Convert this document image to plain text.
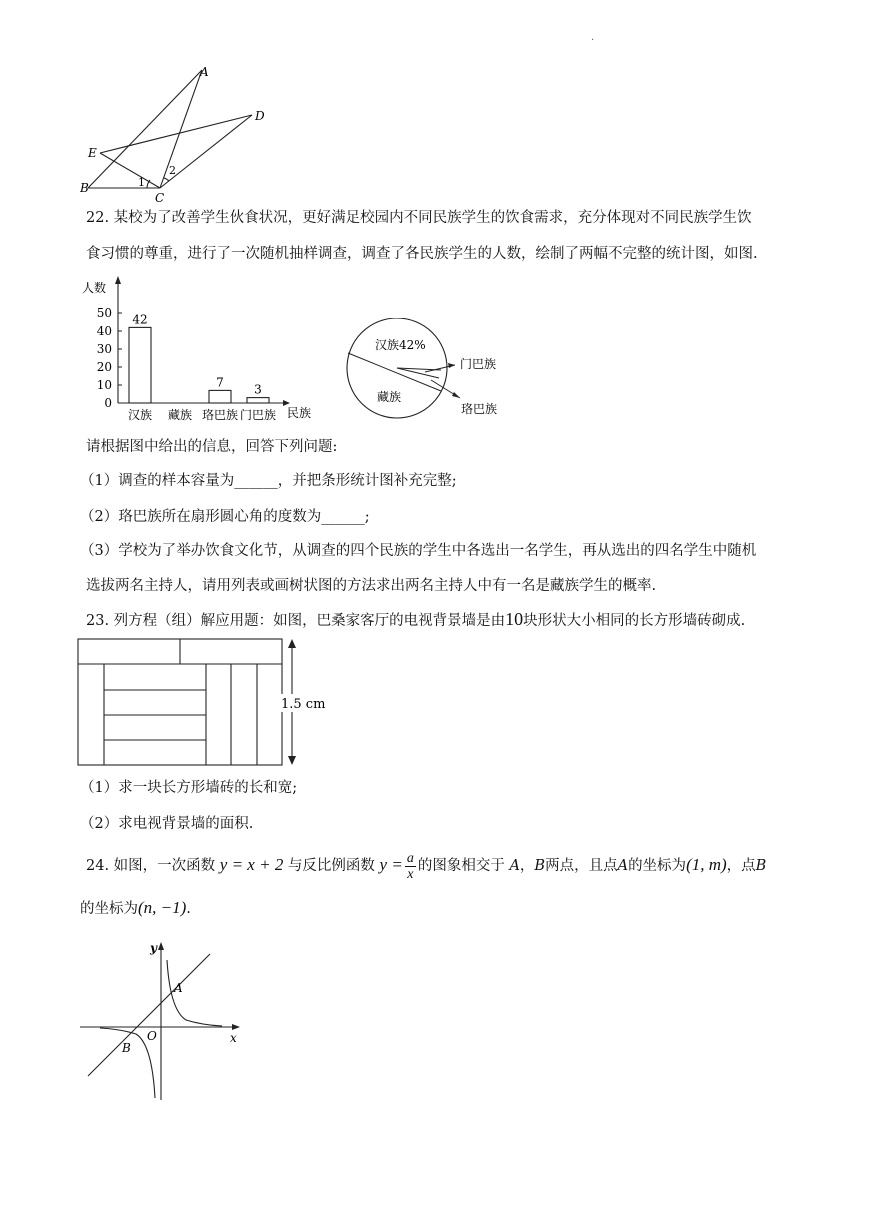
.
A
D
E
B
C
1
2
22. 某校为了改善学生伙食状况，更好满足校园内不同民族学生的饮食需求，充分体现对不同民族学生饮
食习惯的尊重，进行了一次随机抽样调查，调查了各民族学生的人数，绘制了两幅不完整的统计图，如图.
人数
民族
0
10
20
30
40
50
汉族
42
藏族 珞巴族
7
门巴族
3
汉族42%
藏族
门巴族
珞巴族
请根据图中给出的信息，回答下列问题:
（1）调查的样本容量为______，并把条形统计图补充完整;
（2）珞巴族所在扇形圆心角的度数为______;
（3）学校为了举办饮食文化节，从调查的四个民族的学生中各选出一名学生，再从选出的四名学生中随机
选拔两名主持人，请用列表或画树状图的方法求出两名主持人中有一名是藏族学生的概率.
23. 列方程（组）解应用题：如图，巴桑家客厅的电视背景墙是由10块形状大小相同的长方形墙砖砌成.
1.5 cm
（1）求一块长方形墙砖的长和宽;
（2）求电视背景墙的面积.
24. 如图，一次函数 y = x + 2 与反比例函数 $y = \frac{a}{x}$ 的图象相交于 A，B两点，且点A的坐标为(1, m)，点B
的坐标为(n, −1).
y
x
O
A
B
